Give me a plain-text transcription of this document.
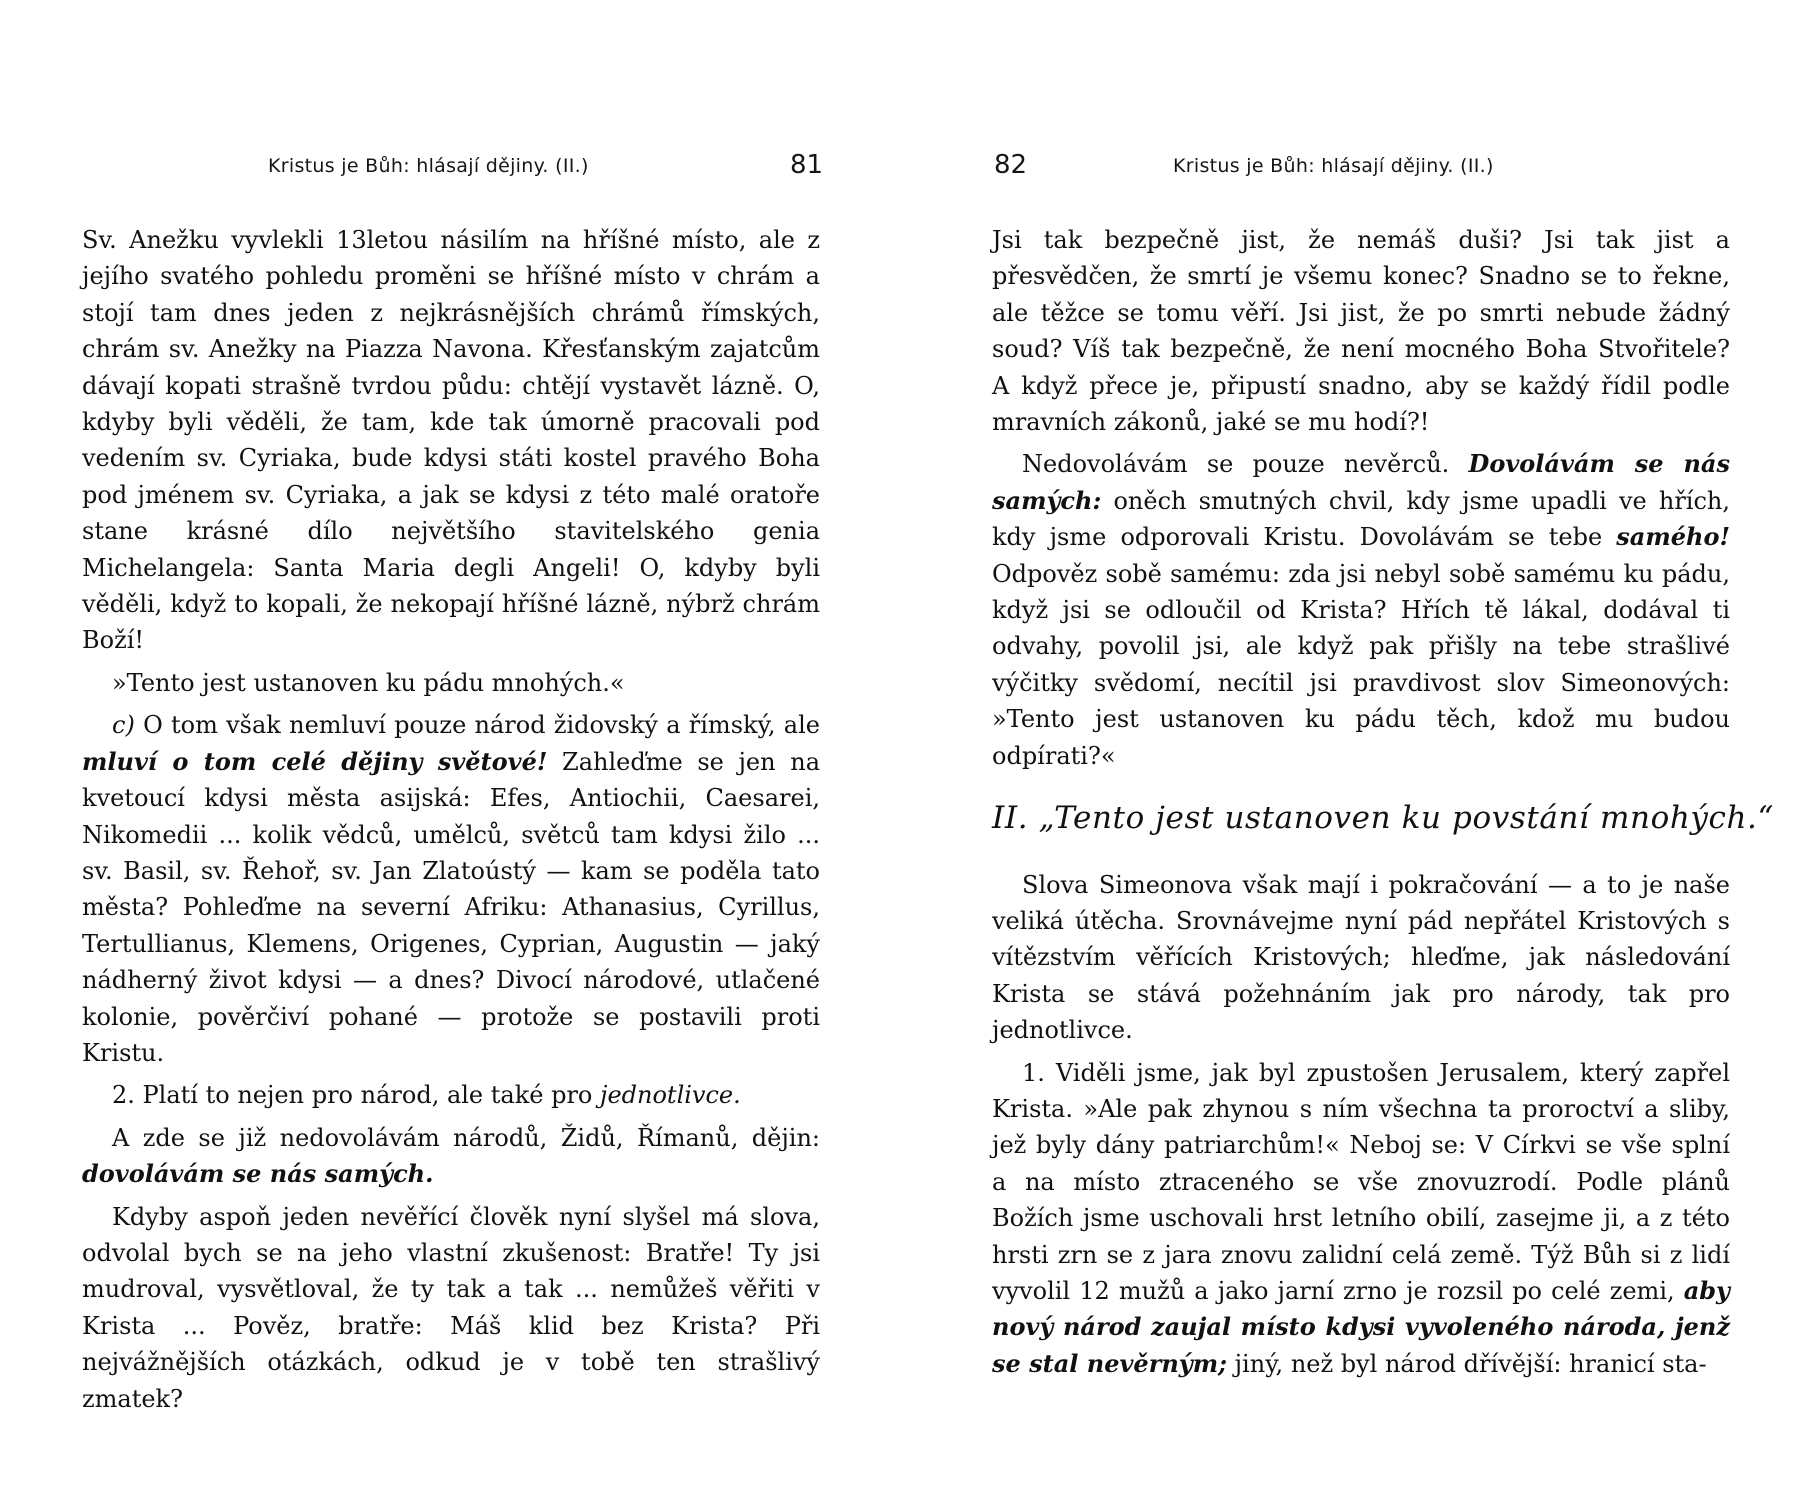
Kristus je Bůh: hlásají dějiny. (II.)	81

Sv. Anežku vyvlekli 13letou násilím na hříšné místo, ale z jejího svatého pohledu proměni se hříšné místo v chrám a stojí tam dnes jeden z nejkrásnějších chrámů římských, chrám sv. Anežky na Piazza Navona. Křesťanským zajatcům dávají kopati strašně tvrdou půdu: chtějí vystavět lázně. O, kdyby byli věděli, že tam, kde tak úmorně pracovali pod vedením sv. Cyriaka, bude kdysi státi kostel pravého Boha pod jménem sv. Cyriaka, a jak se kdysi z této malé oratoře stane krásné dílo největšího stavitelského genia Michelangela: Santa Maria degli Angeli! O, kdyby byli věděli, když to kopali, že nekopají hříšné lázně, nýbrž chrám Boží!

»Tento jest ustanoven ku pádu mnohých.«

c) O tom však nemluví pouze národ židovský a římský, ale mluví o tom celé dějiny světové! Zahleďme se jen na kvetoucí kdysi města asijská: Efes, Antiochii, Caesarei, Nikomedii ... kolik vědců, umělců, světců tam kdysi žilo ... sv. Basil, sv. Řehoř, sv. Jan Zlatoústý — kam se poděla tato města? Pohleďme na severní Afriku: Athanasius, Cyrillus, Tertullianus, Klemens, Origenes, Cyprian, Augustin — jaký nádherný život kdysi — a dnes? Divocí národové, utlačené kolonie, pověrčiví pohané — protože se postavili proti Kristu.

2. Platí to nejen pro národ, ale také pro jednotlivce.

A zde se již nedovolávám národů, Židů, Římanů, dějin: dovolávám se nás samých.

Kdyby aspoň jeden nevěřící člověk nyní slyšel má slova, odvolal bych se na jeho vlastní zkušenost: Bratře! Ty jsi mudroval, vysvětloval, že ty tak a tak ... nemůžeš věřiti v Krista ... Pověz, bratře: Máš klid bez Krista? Při nejvážnějších otázkách, odkud je v tobě ten strašlivý zmatek?

82	Kristus je Bůh: hlásají dějiny. (II.)

Jsi tak bezpečně jist, že nemáš duši? Jsi tak jist a přesvědčen, že smrtí je všemu konec? Snadno se to řekne, ale těžce se tomu věří. Jsi jist, že po smrti nebude žádný soud? Víš tak bezpečně, že není mocného Boha Stvořitele? A když přece je, připustí snadno, aby se každý řídil podle mravních zákonů, jaké se mu hodí?!

Nedovolávám se pouze nevěrců. Dovolávám se nás samých: oněch smutných chvil, kdy jsme upadli ve hřích, kdy jsme odporovali Kristu. Dovolávám se tebe samého! Odpověz sobě samému: zda jsi nebyl sobě samému ku pádu, když jsi se odloučil od Krista? Hřích tě lákal, dodával ti odvahy, povolil jsi, ale když pak přišly na tebe strašlivé výčitky svědomí, necítil jsi pravdivost slov Simeonových: »Tento jest ustanoven ku pádu těch, kdož mu budou odpírati?«

II. „Tento jest ustanoven ku povstání mnohých.“

Slova Simeonova však mají i pokračování — a to je naše veliká útěcha. Srovnávejme nyní pád nepřátel Kristových s vítězstvím věřících Kristových; hleďme, jak následování Krista se stává požehnáním jak pro národy, tak pro jednotlivce.

1. Viděli jsme, jak byl zpustošen Jerusalem, který zapřel Krista. »Ale pak zhynou s ním všechna ta proroctví a sliby, jež byly dány patriarchům!« Neboj se: V Církvi se vše splní a na místo ztraceného se vše znovuzrodí. Podle plánů Božích jsme uschovali hrst letního obilí, zasejme ji, a z této hrsti zrn se z jara znovu zalidní celá země. Týž Bůh si z lidí vyvolil 12 mužů a jako jarní zrno je rozsil po celé zemi, aby nový národ zaujal místo kdysi vyvoleného národa, jenž se stal nevěrným; jiný, než byl národ dřívější: hranicí sta-
